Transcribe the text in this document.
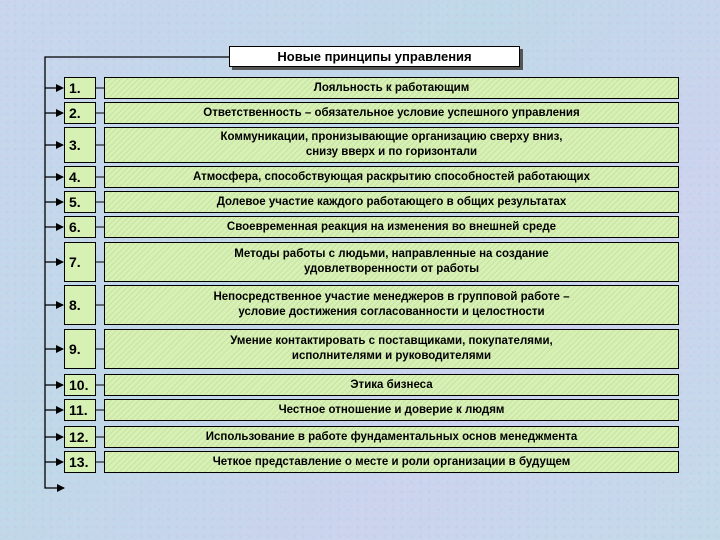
Новые принципы управления
1.	Лояльность к работающим
2.	Ответственность – обязательное условие успешного управления
3.	Коммуникации, пронизывающие организацию сверху вниз,
снизу вверх и по горизонтали
4.	Атмосфера, способствующая раскрытию способностей работающих
5.	Долевое участие каждого работающего в общих результатах
6.	Своевременная реакция на изменения во внешней среде
7.	Методы работы с людьми, направленные на создание
удовлетворенности от работы
8.	Непосредственное участие менеджеров в групповой работе –
условие достижения согласованности и целостности
9.	Умение контактировать с поставщиками, покупателями,
исполнителями и руководителями
10.	Этика бизнеса
11.	Честное отношение и доверие к людям
12.	Использование в работе фундаментальных основ менеджмента
13.	Четкое представление о месте и роли организации в будущем
